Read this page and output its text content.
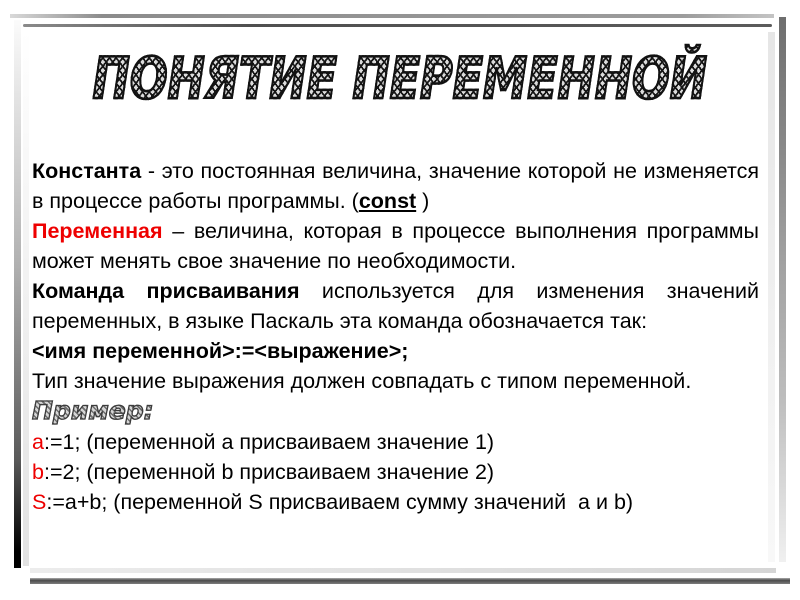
ПОНЯТИЕ ПЕРЕМЕННОЙ

Константа - это постоянная величина, значение которой не изменяется в процессе работы программы. (const )

Переменная – величина, которая в процессе выполнения программы может менять свое значение по необходимости.

Команда присваивания используется для изменения значений переменных, в языке Паскаль эта команда обозначается так:

<имя переменной>:=<выражение>;

Тип значение выражения должен совпадать с типом переменной.

Пример:

a:=1; (переменной a присваиваем значение 1)

b:=2; (переменной b присваиваем значение 2)

S:=a+b; (переменной S присваиваем сумму значений  а и b)
